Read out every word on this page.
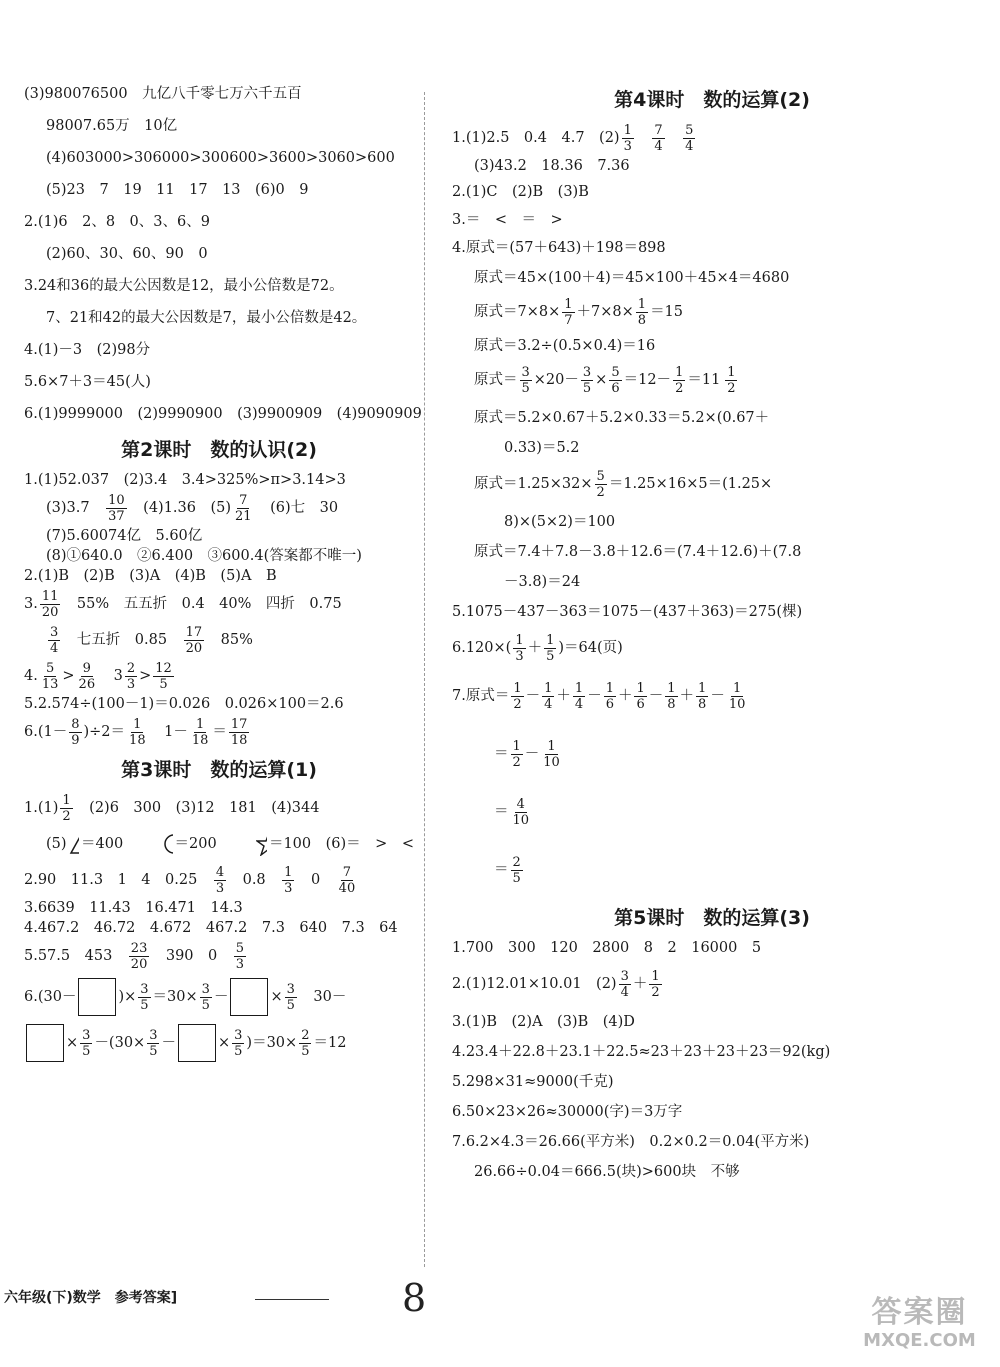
(3)980076500　九亿八千零七万六千五百
98007.65万　10亿
(4)603000>306000>300600>3600>3060>600
(5)23　7　19　11　17　13　(6)0　9
2.(1)6　2、8　0、3、6、9
(2)60、30、60、90　0
3.24和36的最大公因数是12，最小公倍数是72。
7、21和42的最大公因数是7，最小公倍数是42。
4.(1)－3　(2)98分
5.6×7＋3＝45(人)
6.(1)9999000　(2)9990900　(3)9900909　(4)9090909
第2课时　数的认识(2)
1.(1)52.037　(2)3.4　3.4>325%>π>3.14>3
(3)3.7
　 $\frac{10}{37}$
　 (4)1.36　$(5) \frac{7}{21}$
　 (6)七　30
(7)5.60074亿　5.60亿
(8)①640.0　②6.400　③600.4(答案都不唯一)
2.(1)B　(2)B　(3)A　(4)B　(5)A　B
3. $\frac{11}{20}$
　 55%　五五折　0.4　40%　四折　0.75
$\frac{3}{4}$
　 七五折　0.85
　 $\frac{17}{20}$
　 85%
4. $\frac{5}{13} > \frac{9}{26}$
　 $3 \frac{2}{3} > \frac{12}{5}$
5.2.574÷(100－1)＝0.026　0.026×100＝2.6
$6.(1- \frac{8}{9} )\div 2= \frac{1}{18}$
　 $1- \frac{1}{18} = \frac{17}{18}$
第3课时　数的运算(1)
$1.(1) \frac{1}{2}$
　 (2)6　300　(3)12　181　(4)344
(5) ＝400

	＝200

	＝100
　 (6)＝　>　<
2.90　11.3　1　4　0.25
　 $\frac{4}{3}$
　 0.8
　 $\frac{1}{3}$
　 0
　 $\frac{7}{40}$
3.6639　11.43　16.471　14.3
4.467.2　46.72　4.672　467.2　7.3　640　7.3　64
5.57.5　453
　 $\frac{23}{20}$
　 390　0
　 $\frac{5}{3}$
6.(30－	)× $\frac{3}{5} =30\times \frac{3}{5}$ －	× $\frac{3}{5}$
　 30－
× $\frac{3}{5} -(30\times \frac{3}{5}$ －	× $\frac{3}{5} )=30\times \frac{2}{5} =12$
第4课时　数的运算(2)
1.(1)2.5　0.4　4.7　$(2) \frac{1}{3}$
　 $\frac{7}{4}$
　 $\frac{5}{4}$
(3)43.2　18.36　7.36
2.(1)C　(2)B　(3)B
3.＝　<　＝　>
4.原式＝(57＋643)＋198＝898
原式＝45×(100＋4)＝45×100＋45×4＝4680
原式$=7\times 8\times \frac{1}{7} +7\times 8\times \frac{1}{8} =15$
原式＝3.2÷(0.5×0.4)＝16
原式＝ $\frac{3}{5} \times 20- \frac{3}{5} \times \frac{5}{6} =12- \frac{1}{2} =11$
  $\frac{1}{2}$
原式＝5.2×0.67＋5.2×0.33＝5.2×(0.67＋
0.33)＝5.2
原式$=1.25\times 32\times \frac{5}{2} =1.25\times 16\times 5=(1.25\times$
8)×(5×2)＝100
原式＝7.4＋7.8－3.8＋12.6＝(7.4＋12.6)＋(7.8
－3.8)＝24
5.1075－437－363＝1075－(437＋363)＝275(棵)
$6.120\times( \frac{1}{3} + \frac{1}{5} )=64$(页)
7.原式＝ $\frac{1}{2} - \frac{1}{4} + \frac{1}{4} - \frac{1}{6} + \frac{1}{6} - \frac{1}{8} + \frac{1}{8} - \frac{1}{10}$
＝ $\frac{1}{2} - \frac{1}{10}$
＝ $\frac{4}{10}$
＝ $\frac{2}{5}$
第5课时　数的运算(3)
1.700　300　120　2800　8　2　16000　5
2.(1)12.01×10.01　$(2) \frac{3}{4} + \frac{1}{2}$
3.(1)B　(2)A　(3)B　(4)D
4.23.4＋22.8＋23.1＋22.5≈23＋23＋23＋23＝92(kg)
5.298×31≈9000(千克)
6.50×23×26≈30000(字)＝3万字
7.6.2×4.3＝26.66(平方米)　0.2×0.2＝0.04(平方米)
26.66÷0.04＝666.5(块)>600块　不够
六年级(下)数学　参考答案]	8	答案圈
MXQE.COM
